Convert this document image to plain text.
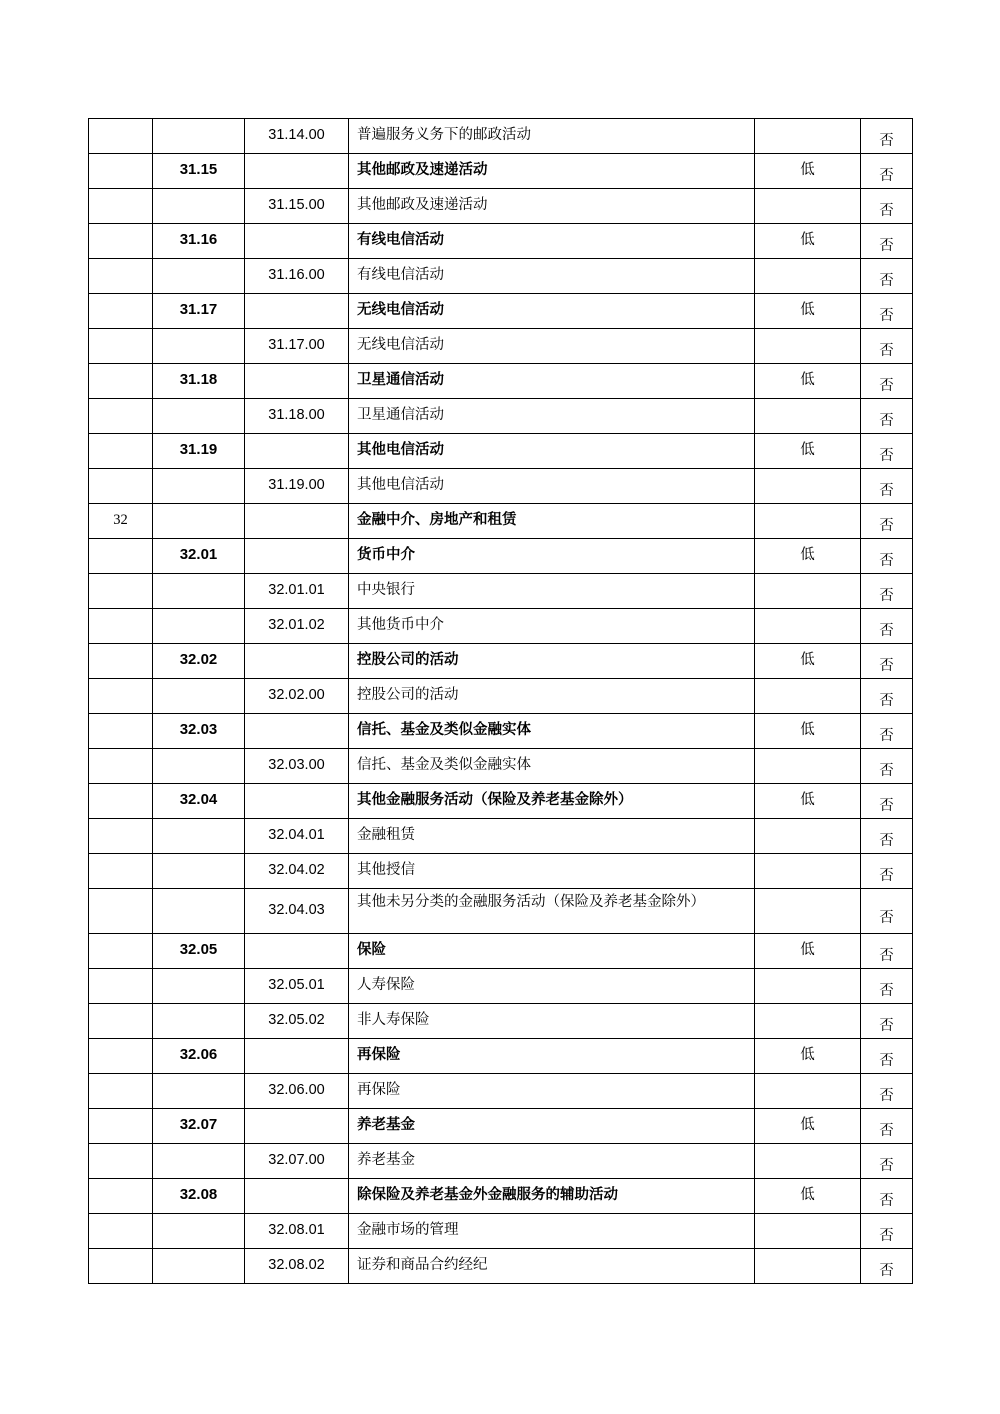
		31.14.00	普遍服务义务下的邮政活动		否

	31.15		其他邮政及速递活动	低	否

		31.15.00	其他邮政及速递活动		否

	31.16		有线电信活动	低	否

		31.16.00	有线电信活动		否

	31.17		无线电信活动	低	否

		31.17.00	无线电信活动		否

	31.18		卫星通信活动	低	否

		31.18.00	卫星通信活动		否

	31.19		其他电信活动	低	否

		31.19.00	其他电信活动		否

32			金融中介、房地产和租赁		否

	32.01		货币中介	低	否

		32.01.01	中央银行		否

		32.01.02	其他货币中介		否

	32.02		控股公司的活动	低	否

		32.02.00	控股公司的活动		否

	32.03		信托、基金及类似金融实体	低	否

		32.03.00	信托、基金及类似金融实体		否

	32.04		其他金融服务活动（保险及养老基金除外）	低	否

		32.04.01	金融租赁		否

		32.04.02	其他授信		否

		32.04.03	其他未另分类的金融服务活动（保险及养老基金除外）		否

	32.05		保险	低	否

		32.05.01	人寿保险		否

		32.05.02	非人寿保险		否

	32.06		再保险	低	否

		32.06.00	再保险		否

	32.07		养老基金	低	否

		32.07.00	养老基金		否

	32.08		除保险及养老基金外金融服务的辅助活动	低	否

		32.08.01	金融市场的管理		否

		32.08.02	证券和商品合约经纪		否
